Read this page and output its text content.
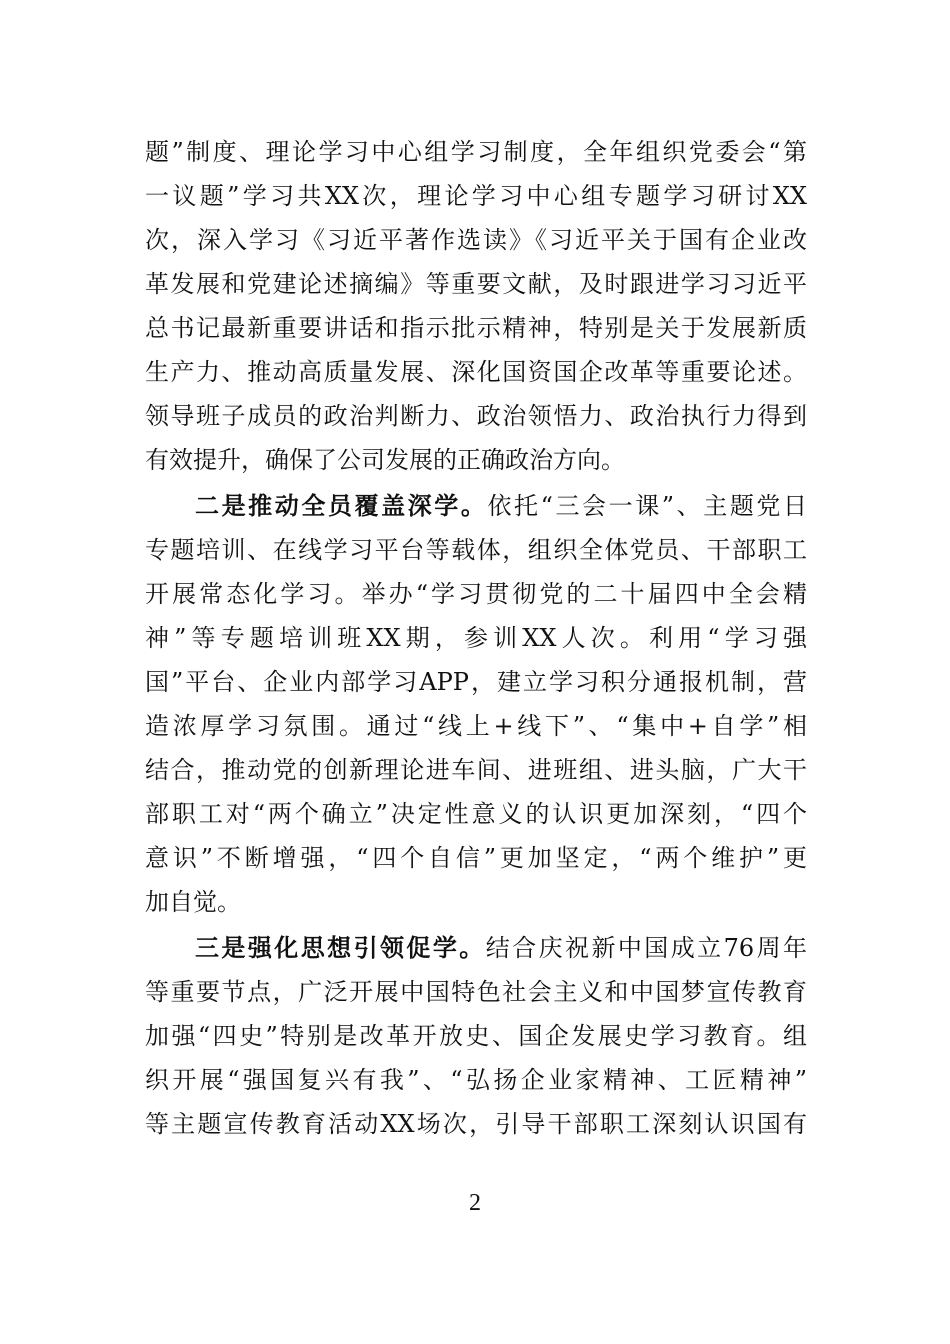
题”制度、理论学习中心组学习制度，全年组织党委会“第
一议题”学习共XX次，理论学习中心组专题学习研讨XX
次，深入学习《习近平著作选读》《习近平关于国有企业改
革发展和党建论述摘编》等重要文献，及时跟进学习习近平
总书记最新重要讲话和指示批示精神，特别是关于发展新质
生产力、推动高质量发展、深化国资国企改革等重要论述。
领导班子成员的政治判断力、政治领悟力、政治执行力得到
有效提升，确保了公司发展的正确政治方向。
二是推动全员覆盖深学。依托“三会一课”、主题党日
专题培训、在线学习平台等载体，组织全体党员、干部职工
开展常态化学习。举办“学习贯彻党的二十届四中全会精
神”等专题培训班XX期，参训XX人次。利用“学习强
国”平台、企业内部学习APP，建立学习积分通报机制，营
造浓厚学习氛围。通过“线上+线下”、“集中+自学”相
结合，推动党的创新理论进车间、进班组、进头脑，广大干
部职工对“两个确立”决定性意义的认识更加深刻，“四个
意识”不断增强，“四个自信”更加坚定，“两个维护”更
加自觉。
三是强化思想引领促学。结合庆祝新中国成立76周年
等重要节点，广泛开展中国特色社会主义和中国梦宣传教育
加强“四史”特别是改革开放史、国企发展史学习教育。组
织开展“强国复兴有我”、“弘扬企业家精神、工匠精神”
等主题宣传教育活动XX场次，引导干部职工深刻认识国有
2
